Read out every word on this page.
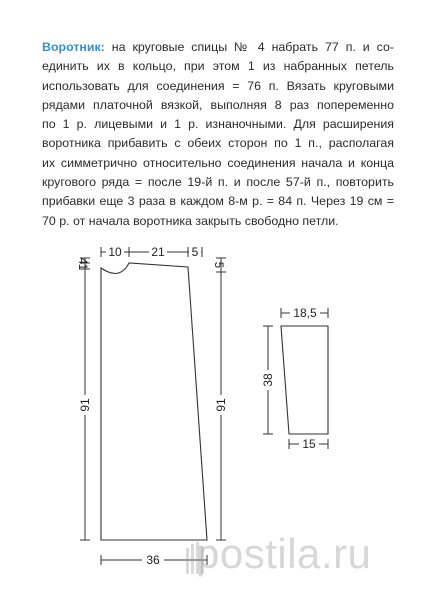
Воротник: на круговые спицы № 4 набрать 77 п. и со-
единить их в кольцо, при этом 1 из набранных петель
использовать для соединения = 76 п. Вязать круговыми
рядами платочной вязкой, выполняя 8 раз попеременно
по 1 р. лицевыми и 1 р. изнаночными. Для расширения
воротника прибавить с обеих сторон по 1 п., располагая
их симметрично относительно соединения начала и конца
кругового ряда = после 19-й п. и после 57-й п., повторить
прибавки еще 3 раза в каждом 8-м р. = 84 п. Через 19 см =
70 р. от начала воротника закрыть свободно петли.
10 21 5
4
1	5
91	91
36
18,5
38
15
postila.ru
